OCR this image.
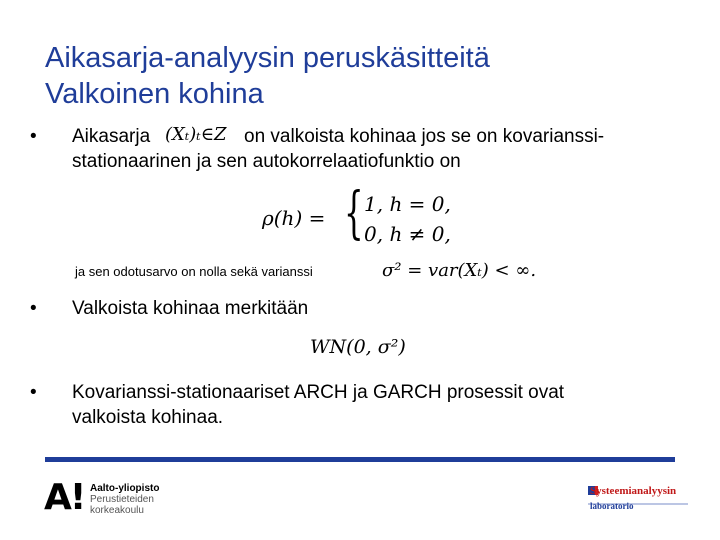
Aikasarja-analyysin peruskäsitteitä
Valkoinen kohina
• Aikasarja (Xₜ)ₜ∈Z on valkoista kohinaa jos se on kovarianssi-
stationaarinen ja sen autokorrelaatiofunktio on
ρ(h) = { 1, h = 0,
0, h ≠ 0,
ja sen odotusarvo on nolla sekä varianssi	σ² = var(Xₜ) < ∞.
• Valkoista kohinaa merkitään
WN(0, σ²)
• Kovarianssi-stationaariset ARCH ja GARCH prosessit ovat
valkoista kohinaa.
A! Aalto-yliopisto
Perustieteiden
korkeakoulu
Systeemianalyysin
laboratorio
